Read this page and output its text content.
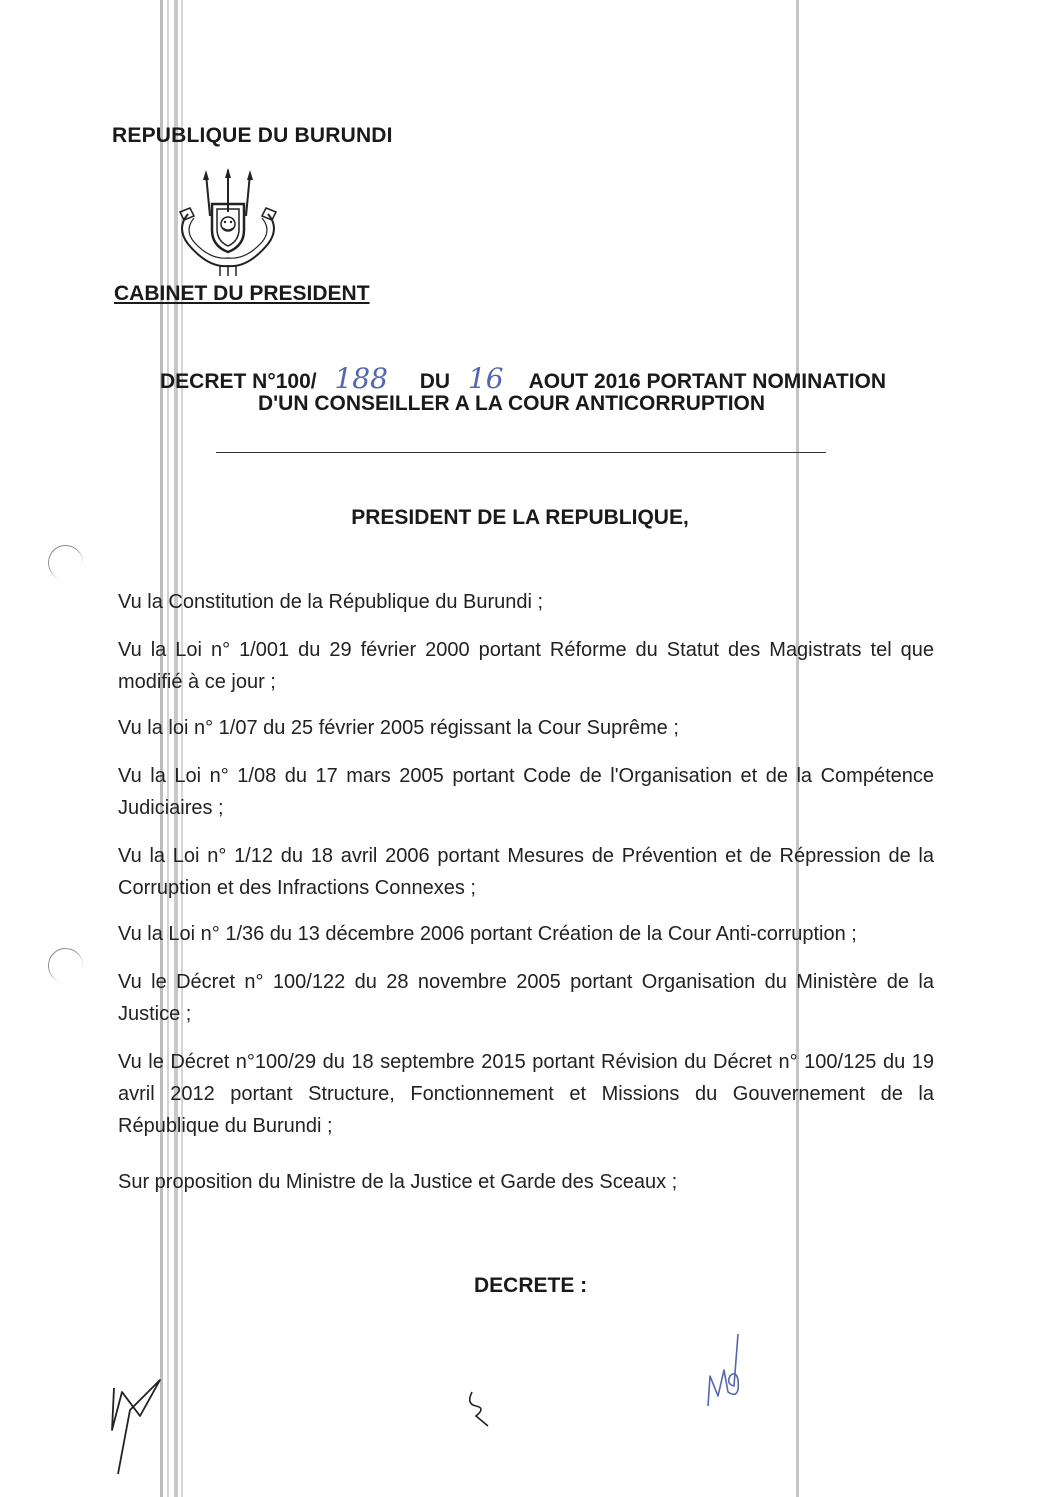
REPUBLIQUE DU BURUNDI
CABINET DU PRESIDENT
DECRET N°100/ 188 DU 16 AOUT 2016 PORTANT NOMINATION
D'UN CONSEILLER A LA COUR ANTICORRUPTION
PRESIDENT DE LA REPUBLIQUE,
Vu la Constitution de la République du Burundi ;
Vu la Loi n° 1/001 du 29 février 2000 portant Réforme du Statut des Magistrats tel que modifié à ce jour ;
Vu la loi n° 1/07 du 25 février 2005 régissant la Cour Suprême ;
Vu la Loi n° 1/08 du 17 mars 2005 portant Code de l'Organisation et de la Compétence Judiciaires ;
Vu la Loi n° 1/12 du 18 avril 2006 portant Mesures de Prévention et de Répression de la Corruption et des Infractions Connexes ;
Vu la Loi n° 1/36 du 13 décembre 2006 portant Création de la Cour Anti-corruption ;
Vu le Décret n° 100/122 du 28 novembre 2005 portant Organisation du Ministère de la Justice ;
Vu le Décret n°100/29 du 18 septembre 2015 portant Révision du Décret n° 100/125 du 19 avril 2012 portant Structure, Fonctionnement et Missions du Gouvernement de la République du Burundi ;
Sur proposition du Ministre de la Justice et Garde des Sceaux ;
DECRETE :
